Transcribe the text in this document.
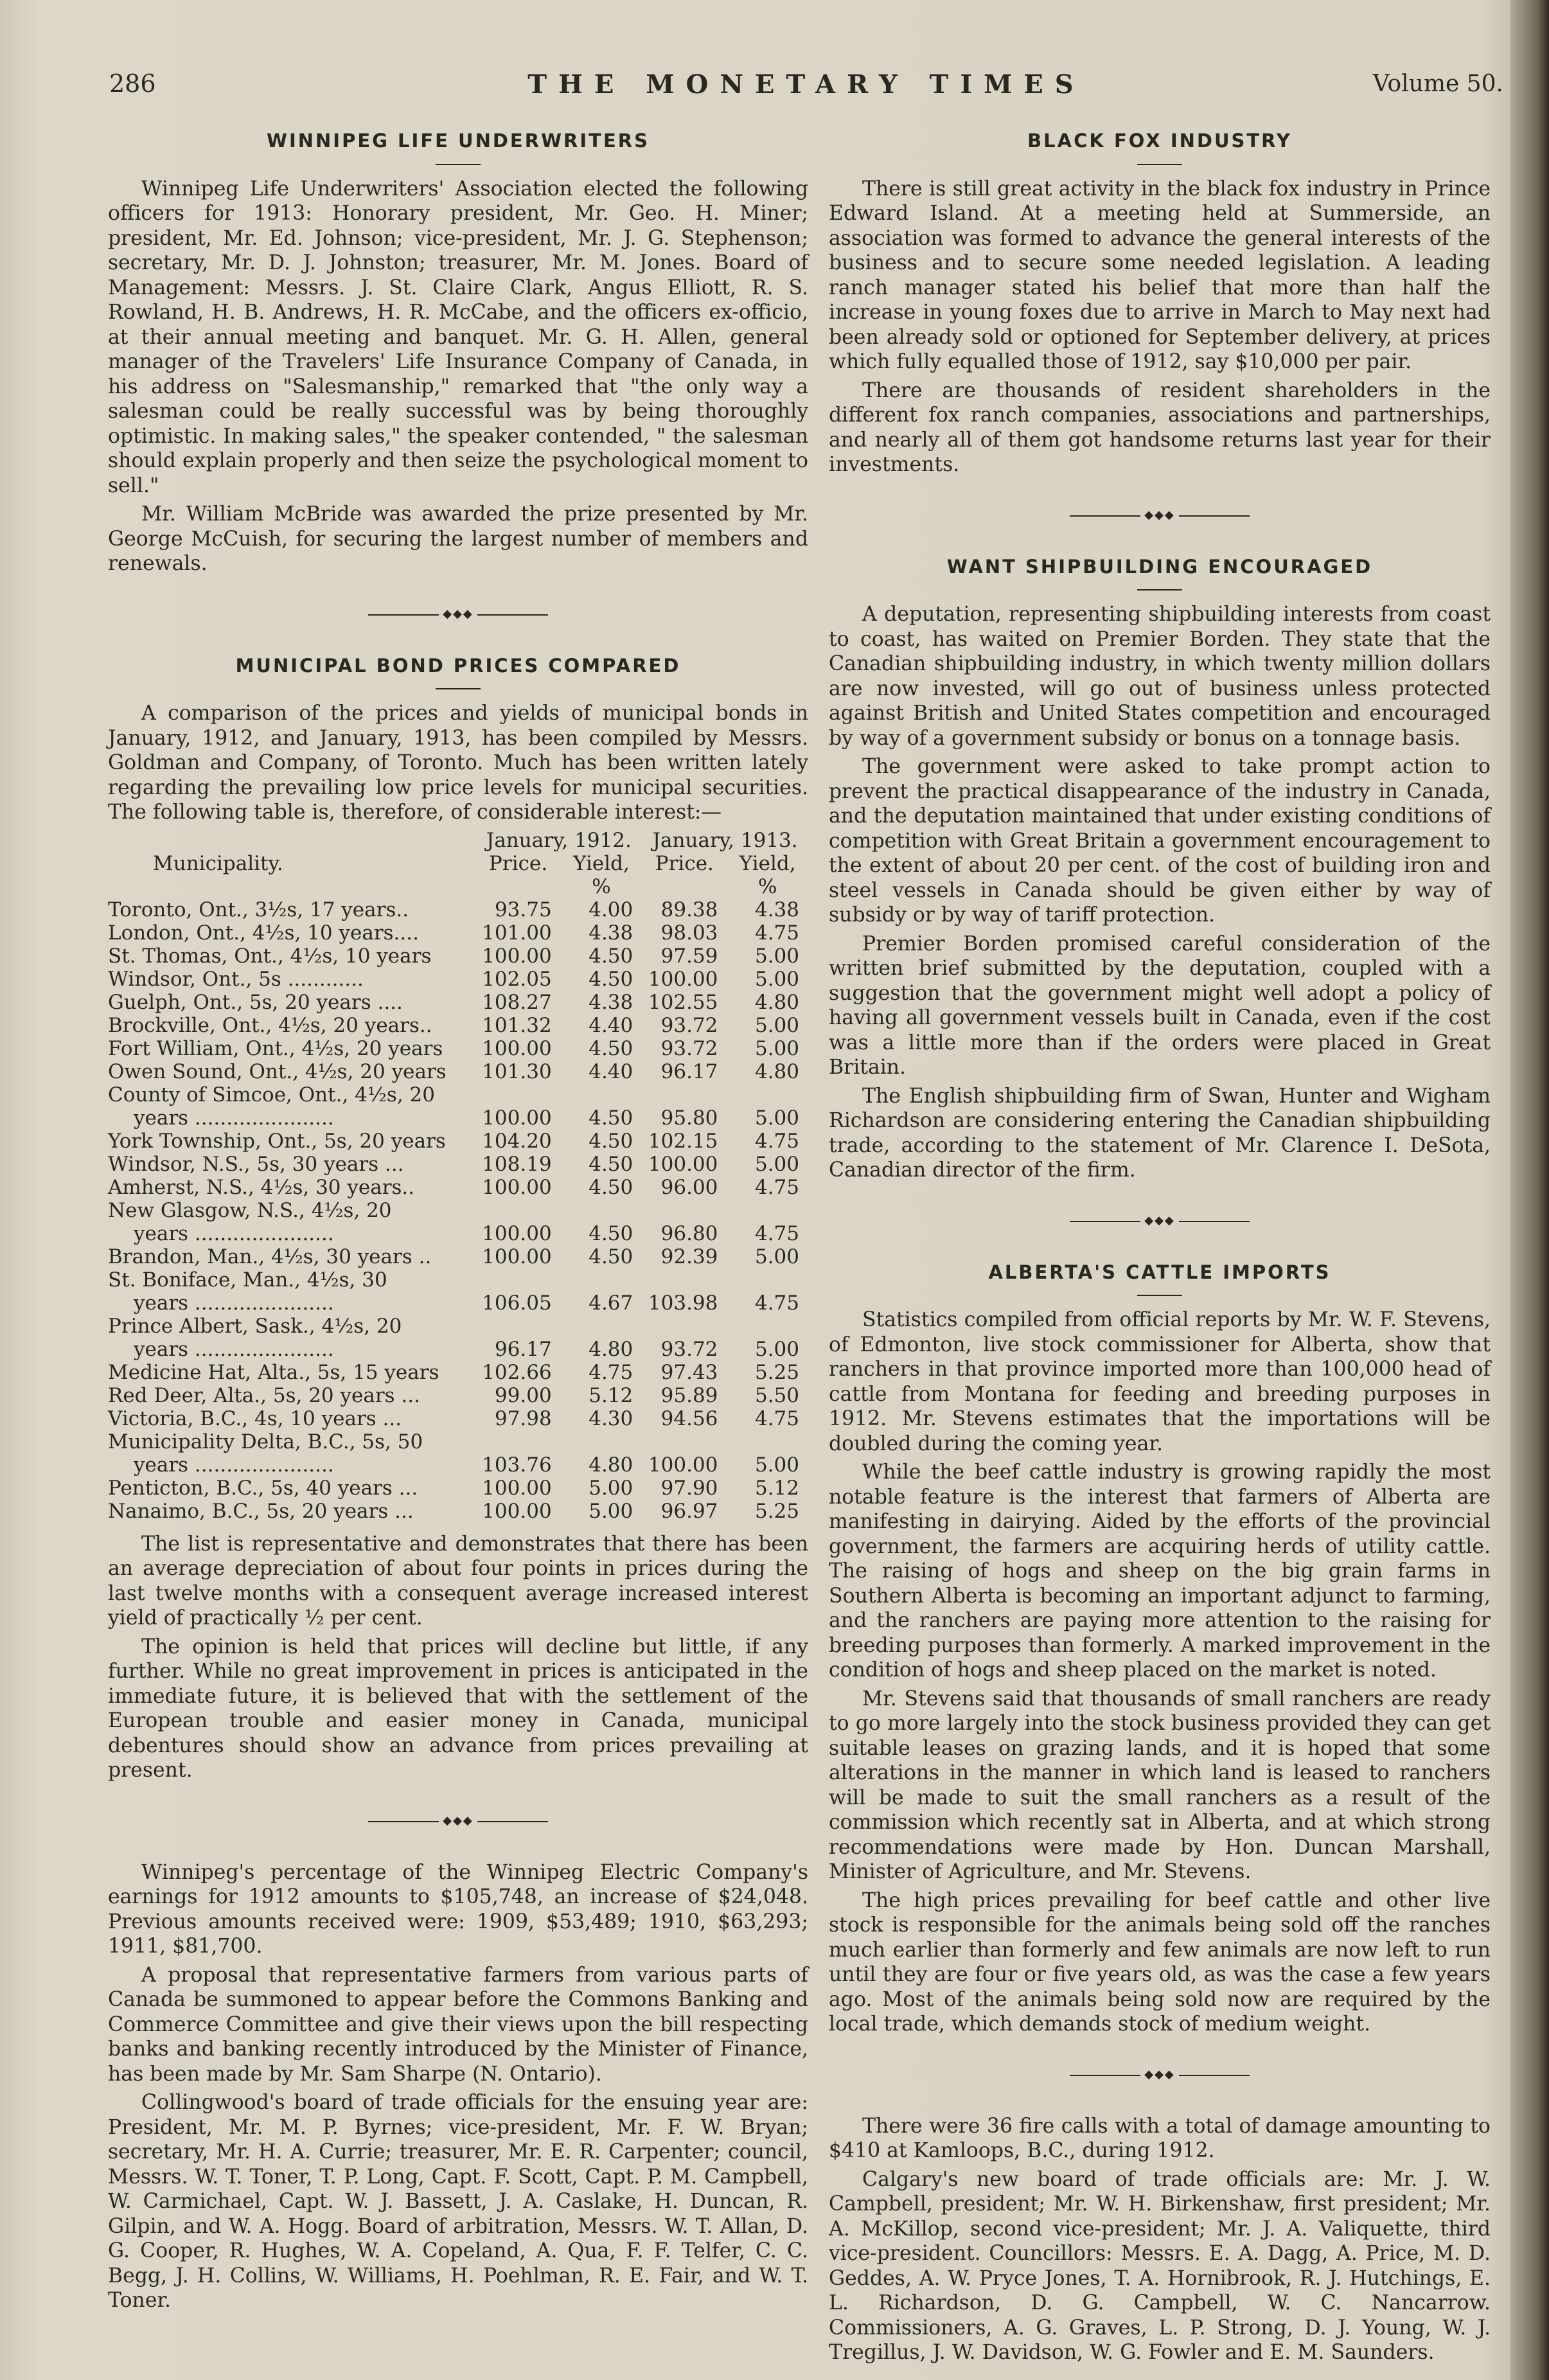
286	THE MONETARY TIMES	Volume 50.
WINNIPEG LIFE UNDERWRITERS

Winnipeg Life Underwriters' Association elected the following officers for 1913: Honorary president, Mr. Geo. H. Miner; president, Mr. Ed. Johnson; vice-president, Mr. J. G. Stephenson; secretary, Mr. D. J. Johnston; treasurer, Mr. M. Jones. Board of Management: Messrs. J. St. Claire Clark, Angus Elliott, R. S. Rowland, H. B. Andrews, H. R. McCabe, and the officers ex-officio, at their annual meeting and banquet. Mr. G. H. Allen, general manager of the Travelers' Life Insurance Company of Canada, in his address on "Salesmanship," remarked that "the only way a salesman could be really successful was by being thoroughly optimistic. In making sales," the speaker contended, " the salesman should explain properly and then seize the psychological moment to sell."

Mr. William McBride was awarded the prize presented by Mr. George McCuish, for securing the largest number of members and renewals.

◆◆◆
MUNICIPAL BOND PRICES COMPARED

A comparison of the prices and yields of municipal bonds in January, 1912, and January, 1913, has been compiled by Messrs. Goldman and Company, of Toronto. Much has been written lately regarding the prevailing low price levels for municipal securities. The following table is, therefore, of considerable interest:—

	January, 1912.		January, 1913.	
Municipality.	Price.	Yield,	Price.	Yield,
		%		%
Toronto, Ont., 3½s, 17 years..	93.75	4.00	89.38	4.38
London, Ont., 4½s, 10 years....	101.00	4.38	98.03	4.75
St. Thomas, Ont., 4½s, 10 years	100.00	4.50	97.59	5.00
Windsor, Ont., 5s ............	102.05	4.50	100.00	5.00
Guelph, Ont., 5s, 20 years ....	108.27	4.38	102.55	4.80
Brockville, Ont., 4½s, 20 years..	101.32	4.40	93.72	5.00
Fort William, Ont., 4½s, 20 years	100.00	4.50	93.72	5.00
Owen Sound, Ont., 4½s, 20 years	101.30	4.40	96.17	4.80
County of Simcoe, Ont., 4½s, 20				
years ......................	100.00	4.50	95.80	5.00
York Township, Ont., 5s, 20 years	104.20	4.50	102.15	4.75
Windsor, N.S., 5s, 30 years ...	108.19	4.50	100.00	5.00
Amherst, N.S., 4½s, 30 years..	100.00	4.50	96.00	4.75
New Glasgow, N.S., 4½s, 20				
years ......................	100.00	4.50	96.80	4.75
Brandon, Man., 4½s, 30 years ..	100.00	4.50	92.39	5.00
St. Boniface, Man., 4½s, 30				
years ......................	106.05	4.67	103.98	4.75
Prince Albert, Sask., 4½s, 20				
years ......................	96.17	4.80	93.72	5.00
Medicine Hat, Alta., 5s, 15 years	102.66	4.75	97.43	5.25
Red Deer, Alta., 5s, 20 years ...	99.00	5.12	95.89	5.50
Victoria, B.C., 4s, 10 years ...	97.98	4.30	94.56	4.75
Municipality Delta, B.C., 5s, 50				
years ......................	103.76	4.80	100.00	5.00
Penticton, B.C., 5s, 40 years ...	100.00	5.00	97.90	5.12
Nanaimo, B.C., 5s, 20 years ...	100.00	5.00	96.97	5.25

The list is representative and demonstrates that there has been an average depreciation of about four points in prices during the last twelve months with a consequent average increased interest yield of practically ½ per cent.

The opinion is held that prices will decline but little, if any further. While no great improvement in prices is anticipated in the immediate future, it is believed that with the settlement of the European trouble and easier money in Canada, municipal debentures should show an advance from prices prevailing at present.

◆◆◆

Winnipeg's percentage of the Winnipeg Electric Company's earnings for 1912 amounts to $105,748, an increase of $24,048. Previous amounts received were: 1909, $53,489; 1910, $63,293; 1911, $81,700.

A proposal that representative farmers from various parts of Canada be summoned to appear before the Commons Banking and Commerce Committee and give their views upon the bill respecting banks and banking recently introduced by the Minister of Finance, has been made by Mr. Sam Sharpe (N. Ontario).

Collingwood's board of trade officials for the ensuing year are: President, Mr. M. P. Byrnes; vice-president, Mr. F. W. Bryan; secretary, Mr. H. A. Currie; treasurer, Mr. E. R. Carpenter; council, Messrs. W. T. Toner, T. P. Long, Capt. F. Scott, Capt. P. M. Campbell, W. Carmichael, Capt. W. J. Bassett, J. A. Caslake, H. Duncan, R. Gilpin, and W. A. Hogg. Board of arbitration, Messrs. W. T. Allan, D. G. Cooper, R. Hughes, W. A. Copeland, A. Qua, F. F. Telfer, C. C. Begg, J. H. Collins, W. Williams, H. Poehlman, R. E. Fair, and W. T. Toner.

BLACK FOX INDUSTRY

There is still great activity in the black fox industry in Prince Edward Island. At a meeting held at Summerside, an association was formed to advance the general interests of the business and to secure some needed legislation. A leading ranch manager stated his belief that more than half the increase in young foxes due to arrive in March to May next had been already sold or optioned for September delivery, at prices which fully equalled those of 1912, say $10,000 per pair.

There are thousands of resident shareholders in the different fox ranch companies, associations and partnerships, and nearly all of them got handsome returns last year for their investments.

◆◆◆
WANT SHIPBUILDING ENCOURAGED

A deputation, representing shipbuilding interests from coast to coast, has waited on Premier Borden. They state that the Canadian shipbuilding industry, in which twenty million dollars are now invested, will go out of business unless protected against British and United States competition and encouraged by way of a government subsidy or bonus on a tonnage basis.

The government were asked to take prompt action to prevent the practical disappearance of the industry in Canada, and the deputation maintained that under existing conditions of competition with Great Britain a government encouragement to the extent of about 20 per cent. of the cost of building iron and steel vessels in Canada should be given either by way of subsidy or by way of tariff protection.

Premier Borden promised careful consideration of the written brief submitted by the deputation, coupled with a suggestion that the government might well adopt a policy of having all government vessels built in Canada, even if the cost was a little more than if the orders were placed in Great Britain.

The English shipbuilding firm of Swan, Hunter and Wigham Richardson are considering entering the Canadian shipbuilding trade, according to the statement of Mr. Clarence I. DeSota, Canadian director of the firm.

◆◆◆
ALBERTA'S CATTLE IMPORTS

Statistics compiled from official reports by Mr. W. F. Stevens, of Edmonton, live stock commissioner for Alberta, show that ranchers in that province imported more than 100,000 head of cattle from Montana for feeding and breeding purposes in 1912. Mr. Stevens estimates that the importations will be doubled during the coming year.

While the beef cattle industry is growing rapidly the most notable feature is the interest that farmers of Alberta are manifesting in dairying. Aided by the efforts of the provincial government, the farmers are acquiring herds of utility cattle. The raising of hogs and sheep on the big grain farms in Southern Alberta is becoming an important adjunct to farming, and the ranchers are paying more attention to the raising for breeding purposes than formerly. A marked improvement in the condition of hogs and sheep placed on the market is noted.

Mr. Stevens said that thousands of small ranchers are ready to go more largely into the stock business provided they can get suitable leases on grazing lands, and it is hoped that some alterations in the manner in which land is leased to ranchers will be made to suit the small ranchers as a result of the commission which recently sat in Alberta, and at which strong recommendations were made by Hon. Duncan Marshall, Minister of Agriculture, and Mr. Stevens.

The high prices prevailing for beef cattle and other live stock is responsible for the animals being sold off the ranches much earlier than formerly and few animals are now left to run until they are four or five years old, as was the case a few years ago. Most of the animals being sold now are required by the local trade, which demands stock of medium weight.

◆◆◆

There were 36 fire calls with a total of damage amounting to $410 at Kamloops, B.C., during 1912.

Calgary's new board of trade officials are: Mr. J. W. Campbell, president; Mr. W. H. Birkenshaw, first president; Mr. A. McKillop, second vice-president; Mr. J. A. Valiquette, third vice-president. Councillors: Messrs. E. A. Dagg, A. Price, M. D. Geddes, A. W. Pryce Jones, T. A. Hornibrook, R. J. Hutchings, E. L. Richardson, D. G. Campbell, W. C. Nancarrow. Commissioners, A. G. Graves, L. P. Strong, D. J. Young, W. J. Tregillus, J. W. Davidson, W. G. Fowler and E. M. Saunders.
